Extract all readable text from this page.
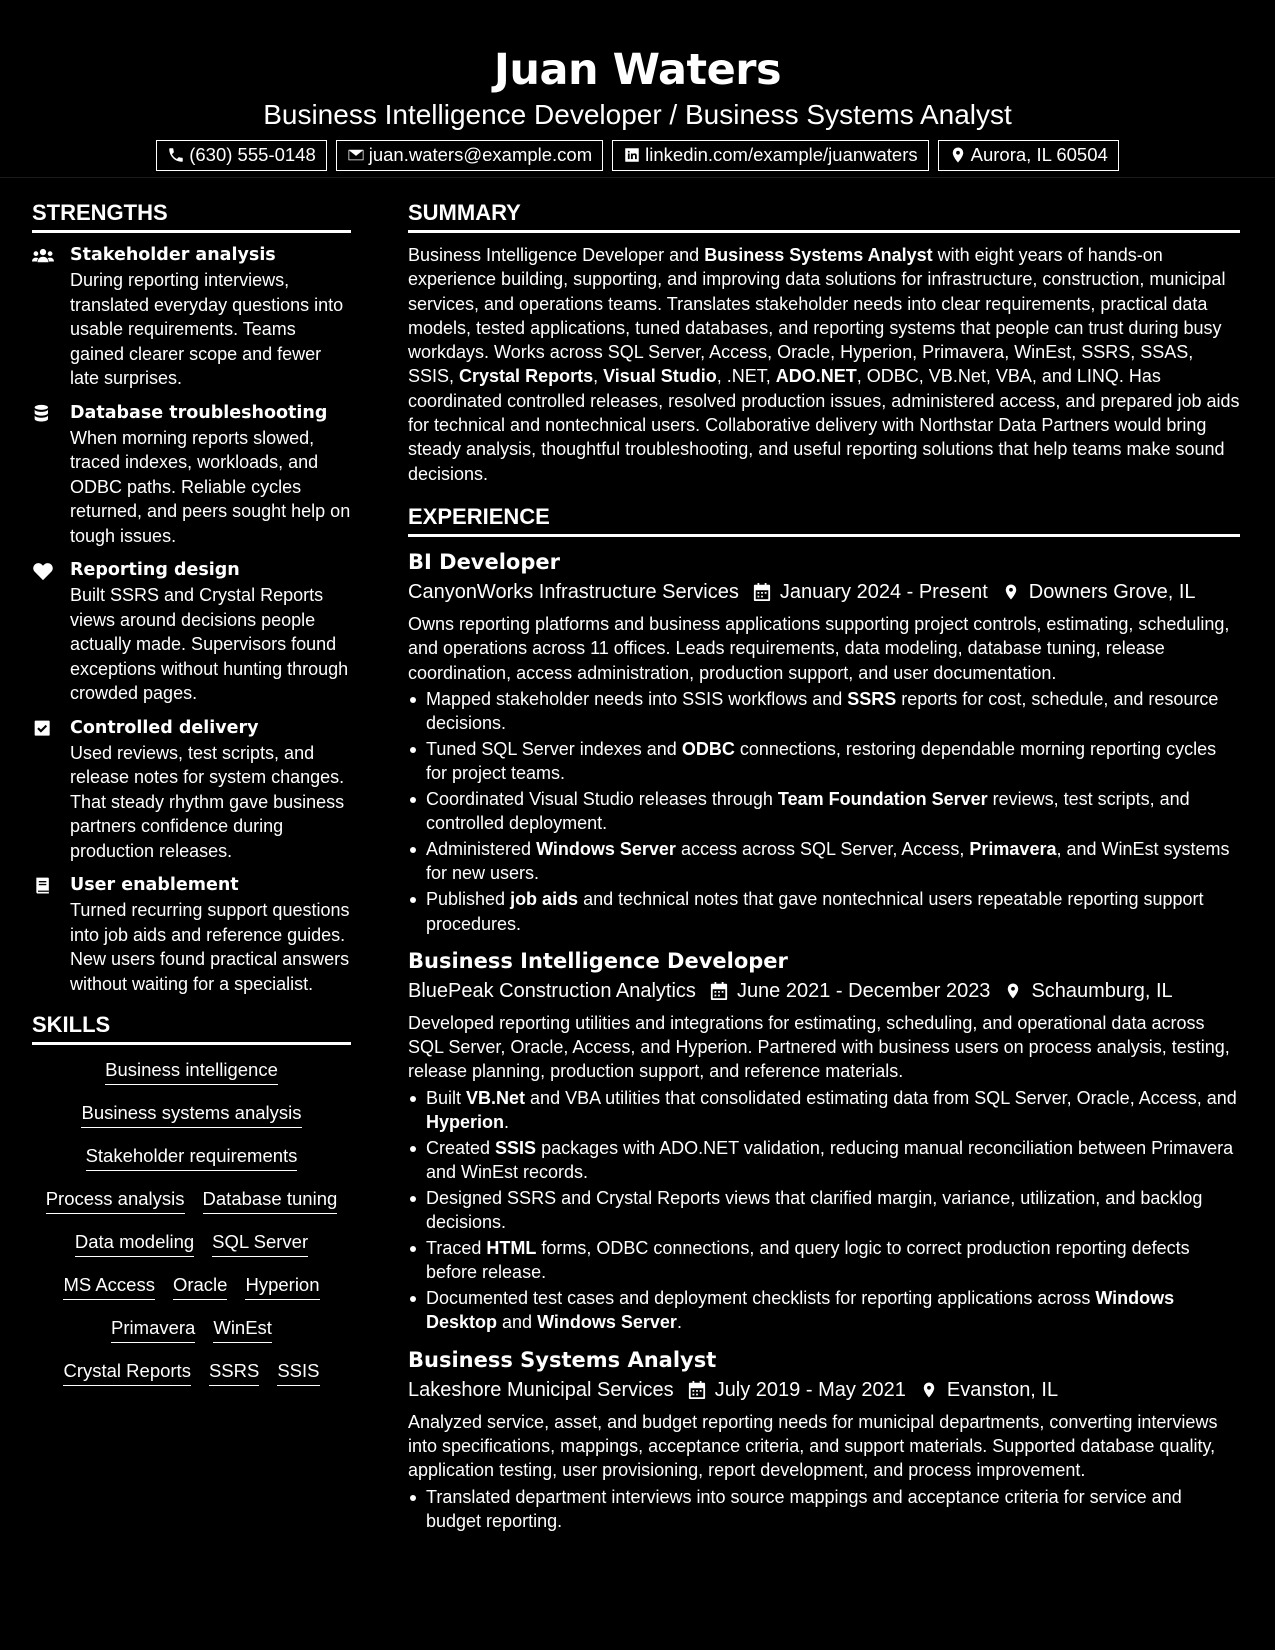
Juan Waters
Business Intelligence Developer / Business Systems Analyst
(630) 555-0148	juan.waters@example.com	linkedin.com/example/juanwaters	Aurora, IL 60504
STRENGTHS
Stakeholder analysis
During reporting interviews, translated everyday questions into usable requirements. Teams gained clearer scope and fewer late surprises.
Database troubleshooting
When morning reports slowed, traced indexes, workloads, and ODBC paths. Reliable cycles returned, and peers sought help on tough issues.
Reporting design
Built SSRS and Crystal Reports views around decisions people actually made. Supervisors found exceptions without hunting through crowded pages.
Controlled delivery
Used reviews, test scripts, and release notes for system changes. That steady rhythm gave business partners confidence during production releases.
User enablement
Turned recurring support questions into job aids and reference guides. New users found practical answers without waiting for a specialist.
SKILLS
Business intelligence
Business systems analysis
Stakeholder requirements
Process analysis Database tuning
Data modeling SQL Server
MS Access Oracle Hyperion
Primavera WinEst
Crystal Reports SSRS SSIS
SUMMARY
Business Intelligence Developer and Business Systems Analyst with eight years of hands-on experience building, supporting, and improving data solutions for infrastructure, construction, municipal services, and operations teams. Translates stakeholder needs into clear requirements, practical data models, tested applications, tuned databases, and reporting systems that people can trust during busy workdays. Works across SQL Server, Access, Oracle, Hyperion, Primavera, WinEst, SSRS, SSAS, SSIS, Crystal Reports, Visual Studio, .NET, ADO.NET, ODBC, VB.Net, VBA, and LINQ. Has coordinated controlled releases, resolved production issues, administered access, and prepared job aids for technical and nontechnical users. Collaborative delivery with Northstar Data Partners would bring steady analysis, thoughtful troubleshooting, and useful reporting solutions that help teams make sound decisions.
EXPERIENCE
BI Developer
CanyonWorks Infrastructure Services January 2024 - Present Downers Grove, IL
Owns reporting platforms and business applications supporting project controls, estimating, scheduling, and operations across 11 offices. Leads requirements, data modeling, database tuning, release coordination, access administration, production support, and user documentation.
Mapped stakeholder needs into SSIS workflows and SSRS reports for cost, schedule, and resource decisions.
Tuned SQL Server indexes and ODBC connections, restoring dependable morning reporting cycles for project teams.
Coordinated Visual Studio releases through Team Foundation Server reviews, test scripts, and controlled deployment.
Administered Windows Server access across SQL Server, Access, Primavera, and WinEst systems for new users.
Published job aids and technical notes that gave nontechnical users repeatable reporting support procedures.
Business Intelligence Developer
BluePeak Construction Analytics June 2021 - December 2023 Schaumburg, IL
Developed reporting utilities and integrations for estimating, scheduling, and operational data across SQL Server, Oracle, Access, and Hyperion. Partnered with business users on process analysis, testing, release planning, production support, and reference materials.
Built VB.Net and VBA utilities that consolidated estimating data from SQL Server, Oracle, Access, and Hyperion.
Created SSIS packages with ADO.NET validation, reducing manual reconciliation between Primavera and WinEst records.
Designed SSRS and Crystal Reports views that clarified margin, variance, utilization, and backlog decisions.
Traced HTML forms, ODBC connections, and query logic to correct production reporting defects before release.
Documented test cases and deployment checklists for reporting applications across Windows Desktop and Windows Server.
Business Systems Analyst
Lakeshore Municipal Services July 2019 - May 2021 Evanston, IL
Analyzed service, asset, and budget reporting needs for municipal departments, converting interviews into specifications, mappings, acceptance criteria, and support materials. Supported database quality, application testing, user provisioning, report development, and process improvement.
Translated department interviews into source mappings and acceptance criteria for service and budget reporting.
